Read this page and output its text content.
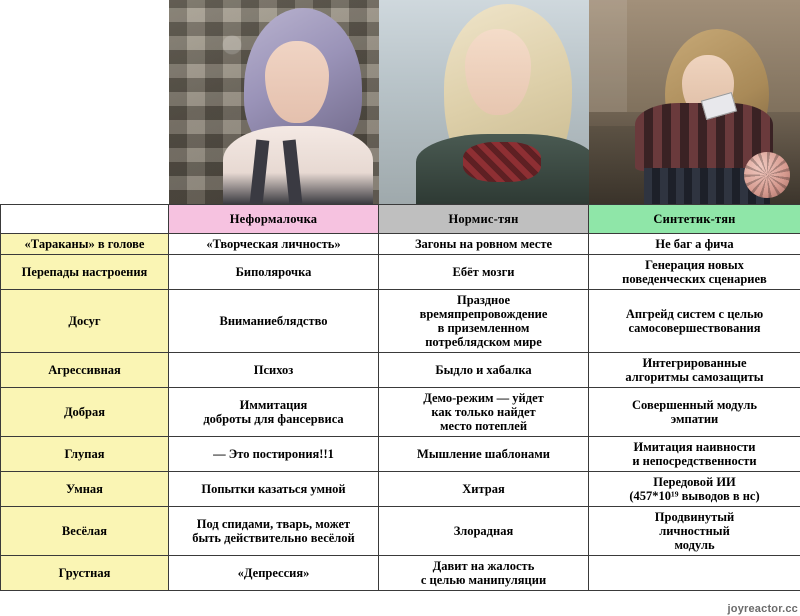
	Неформалочка	Нормис-тян	Синтетик-тян
«Тараканы» в голове	«Творческая личность»	Загоны на ровном месте	Не баг а фича
Перепады настроения	Биполярочка	Ебёт мозги	Генерация новых
поведенческих сценариев
Досуг	Вниманиеблядство	Праздное
времяпрепровождение
в приземленном
потреблядском мире	Апгрейд систем с целью
самосовершествования
Агрессивная	Психоз	Быдло и хабалка	Интегрированные
алгоритмы самозащиты
Добрая	Иммитация
доброты для фансервиса	Демо-режим — уйдет
как только найдет
место потеплей	Совершенный модуль
эмпатии
Глупая	— Это постирония!!1	Мышление шаблонами	Имитация наивности
и непосредственности
Умная	Попытки казаться умной	Хитрая	Передовой ИИ
(457*10¹⁹ выводов в нс)
Весёлая	Под спидами, тварь, может
быть действительно весёлой	Злорадная	Продвинутый
личностный
модуль
Грустная	«Депрессия»	Давит на жалость
с целью манипуляции	
joyreactor.cc
